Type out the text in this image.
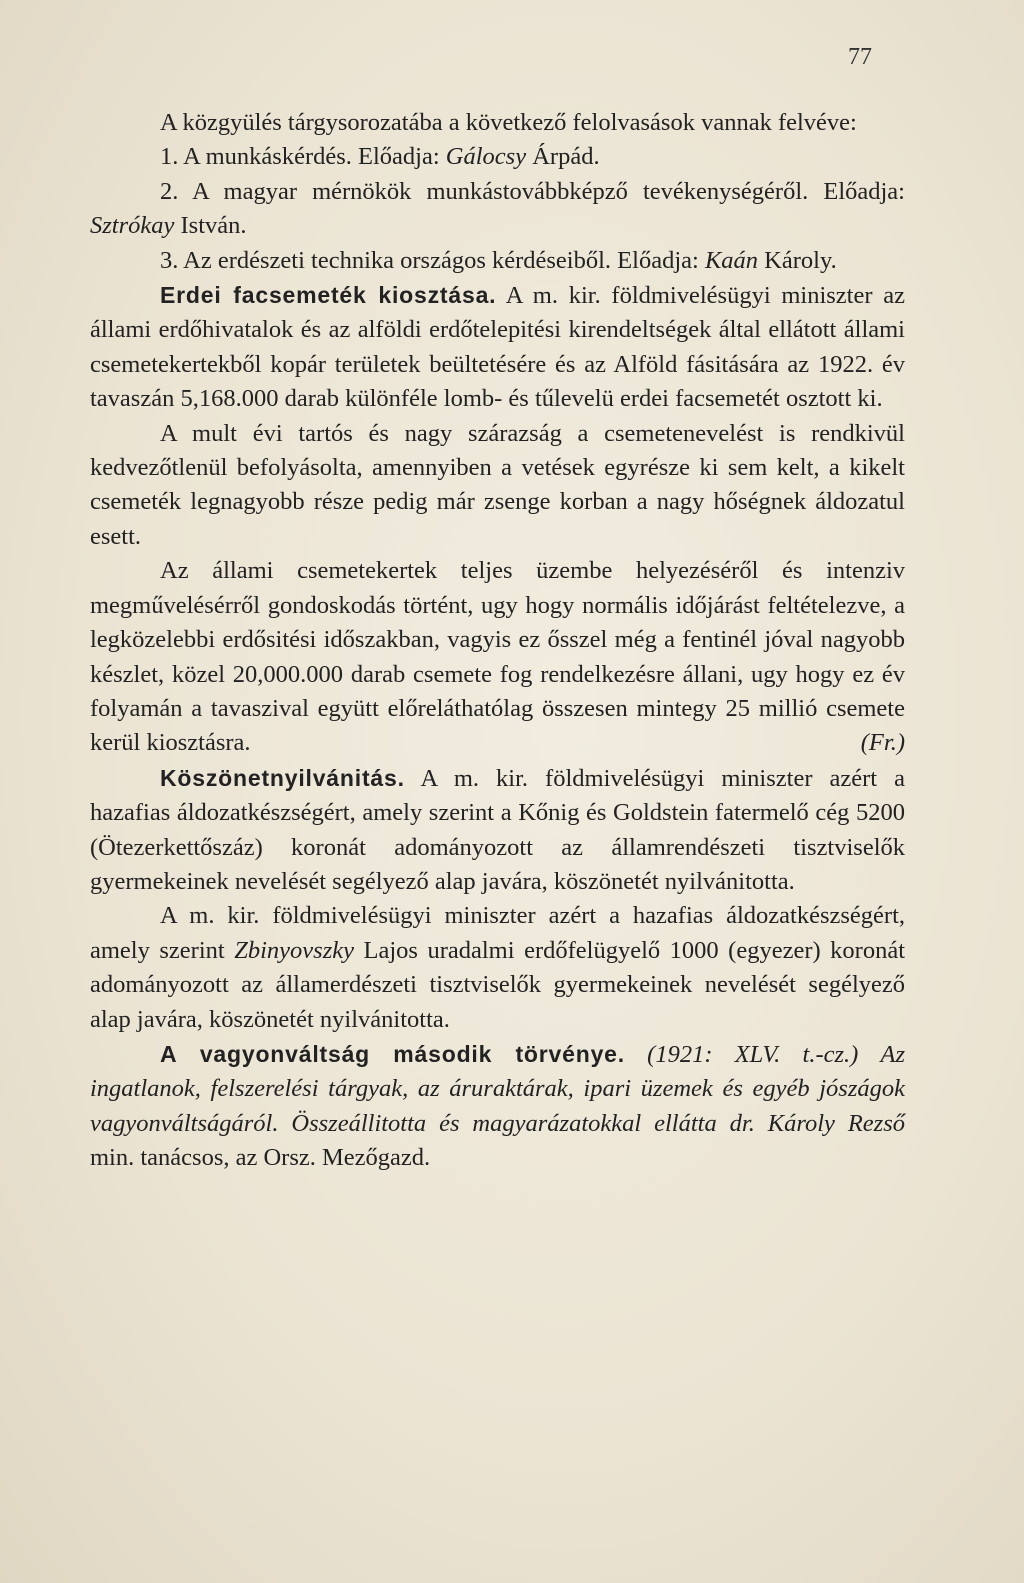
77

A közgyülés tárgysorozatába a következő felolvasások vannak felvéve:

1. A munkáskérdés. Előadja: Gálocsy Árpád.

2. A magyar mérnökök munkástovábbképző tevékenységéről. Előadja: Sztrókay István.

3. Az erdészeti technika országos kérdéseiből. Előadja: Kaán Károly.

Erdei facsemeték kiosztása. A m. kir. földmivelésügyi miniszter az állami erdőhivatalok és az alföldi erdőtelepitési kirendeltségek által ellátott állami csemetekertekből kopár területek beültetésére és az Alföld fásitására az 1922. év tavaszán 5,168.000 darab különféle lomb- és tűlevelü erdei facsemetét osztott ki.

A mult évi tartós és nagy szárazság a csemetenevelést is rendkivül kedvezőtlenül befolyásolta, amennyiben a vetések egyrésze ki sem kelt, a kikelt csemeték legnagyobb része pedig már zsenge korban a nagy hőségnek áldozatul esett.

Az állami csemetekertek teljes üzembe helyezéséről és intenziv megművelésérről gondoskodás történt, ugy hogy normális időjárást feltételezve, a legközelebbi erdősitési időszakban, vagyis ez ősszel még a fentinél jóval nagyobb készlet, közel 20,000.000 darab csemete fog rendelkezésre állani, ugy hogy ez év folyamán a tavaszival együtt előreláthatólag összesen mintegy 25 millió csemete kerül kiosztásra.	(Fr.)

Köszönetnyilvánitás. A m. kir. földmivelésügyi miniszter azért a hazafias áldozatkészségért, amely szerint a Kőnig és Goldstein fatermelő cég 5200 (Ötezerkettőszáz) koronát adományozott az államrendészeti tisztviselők gyermekeinek nevelését segélyező alap javára, köszönetét nyilvánitotta.

A m. kir. földmivelésügyi miniszter azért a hazafias áldozatkészségért, amely szerint Zbinyovszky Lajos uradalmi erdőfelügyelő 1000 (egyezer) koronát adományozott az államerdészeti tisztviselők gyermekeinek nevelését segélyező alap javára, köszönetét nyilvánitotta.

A vagyonváltság második törvénye. (1921: XLV. t.-cz.) Az ingatlanok, felszerelési tárgyak, az áruraktárak, ipari üzemek és egyéb jószágok vagyonváltságáról. Összeállitotta és magyarázatokkal ellátta dr. Károly Rezső min. tanácsos, az Orsz. Mezőgazd.
